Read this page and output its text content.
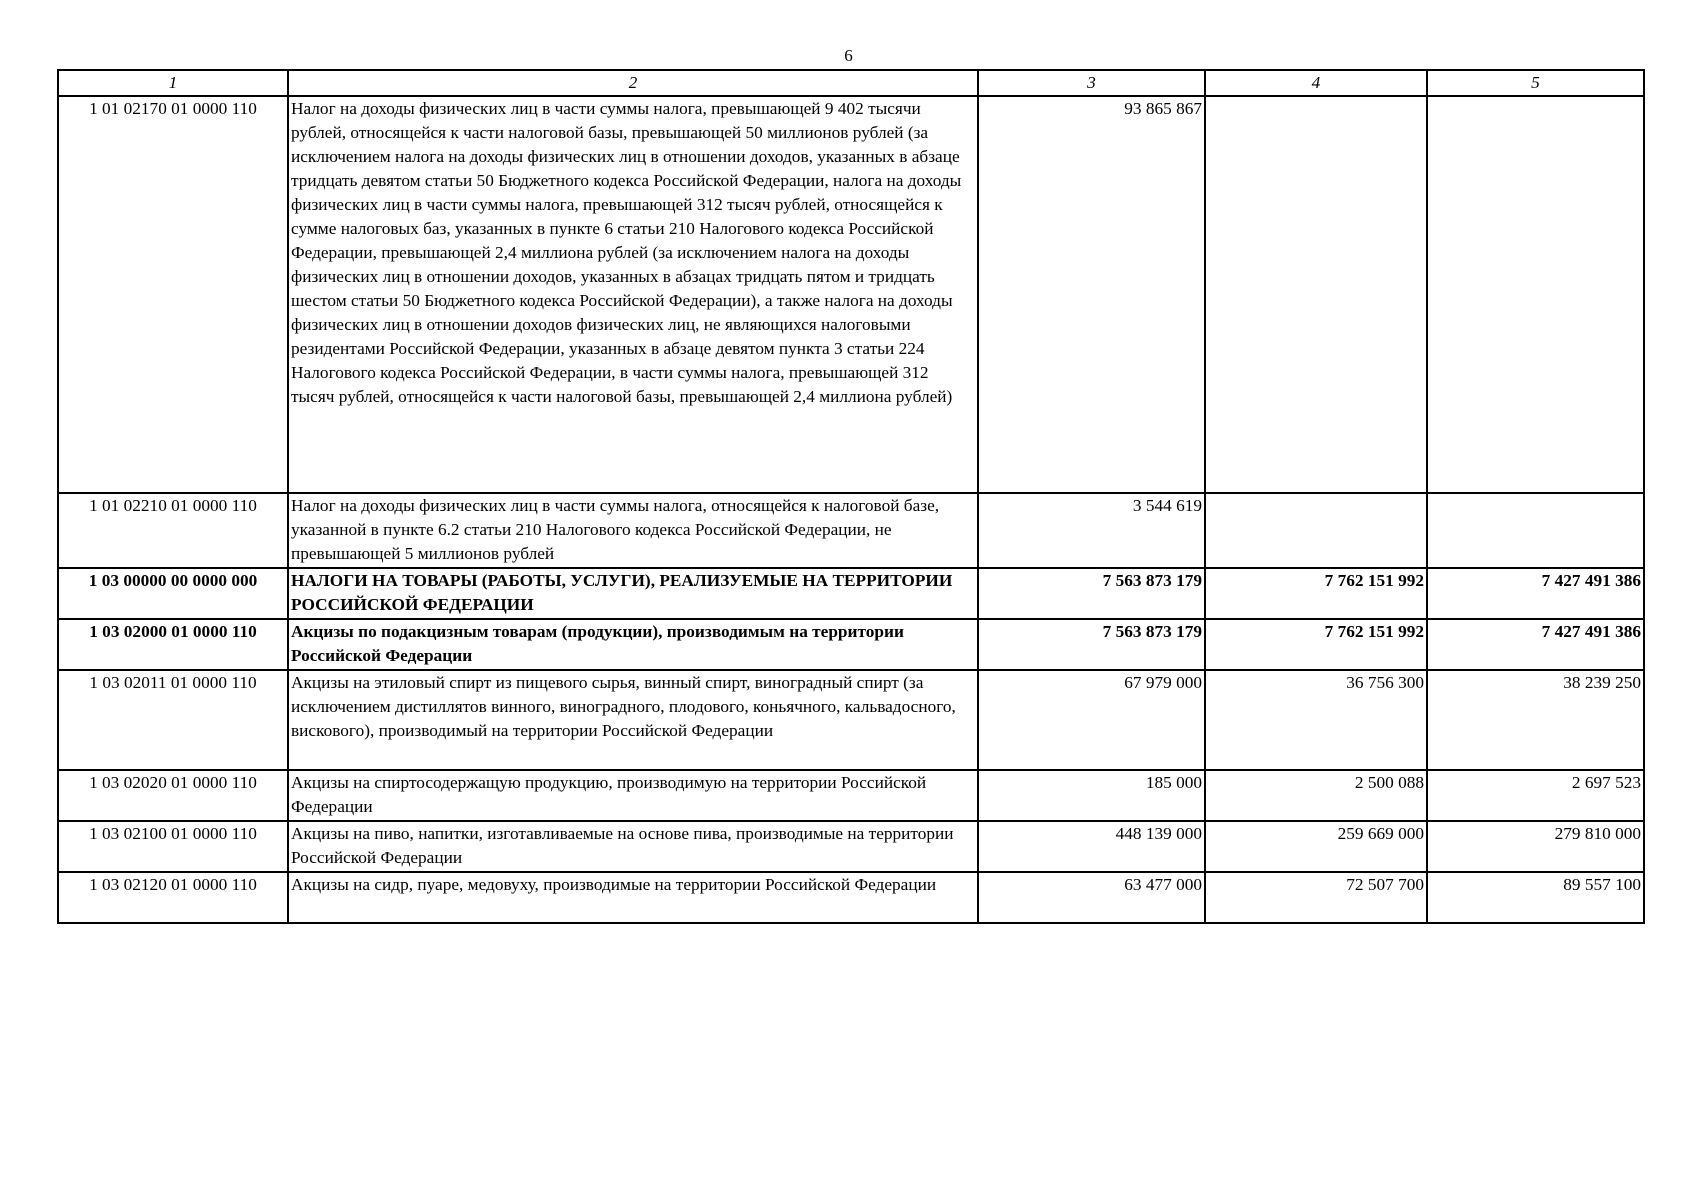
6
1	2	3	4	5
1 01 02170 01 0000 110	Налог на доходы физических лиц в части суммы налога, превышающей 9 402 тысячи рублей, относящейся к части налоговой базы, превышающей 50 миллионов рублей (за исключением налога на доходы физических лиц в отношении доходов, указанных в абзаце тридцать девятом статьи 50 Бюджетного кодекса Российской Федерации, налога на доходы физических лиц в части суммы налога, превышающей 312 тысяч рублей, относящейся к сумме налоговых баз, указанных в пункте 6 статьи 210 Налогового кодекса Российской Федерации, превышающей 2,4 миллиона рублей (за исключением налога на доходы физических лиц в отношении доходов, указанных в абзацах тридцать пятом и тридцать шестом статьи 50 Бюджетного кодекса Российской Федерации), а также налога на доходы физических лиц в отношении доходов физических лиц, не являющихся налоговыми резидентами Российской Федерации, указанных в абзаце девятом пункта 3 статьи 224 Налогового кодекса Российской Федерации, в части суммы налога, превышающей 312 тысяч рублей, относящейся к части налоговой базы, превышающей 2,4 миллиона рублей)	93 865 867		
1 01 02210 01 0000 110	Налог на доходы физических лиц в части суммы налога, относящейся к налоговой базе, указанной в пункте 6.2 статьи 210 Налогового кодекса Российской Федерации, не превышающей 5 миллионов рублей	3 544 619		
1 03 00000 00 0000 000	НАЛОГИ НА ТОВАРЫ (РАБОТЫ, УСЛУГИ), РЕАЛИЗУЕМЫЕ НА ТЕРРИТОРИИ РОССИЙСКОЙ ФЕДЕРАЦИИ	7 563 873 179	7 762 151 992	7 427 491 386
1 03 02000 01 0000 110	Акцизы по подакцизным товарам (продукции), производимым на территории Российской Федерации	7 563 873 179	7 762 151 992	7 427 491 386
1 03 02011 01 0000 110	Акцизы на этиловый спирт из пищевого сырья, винный спирт, виноградный спирт (за исключением дистиллятов винного, виноградного, плодового, коньячного, кальвадосного, вискового), производимый на территории Российской Федерации	67 979 000	36 756 300	38 239 250
1 03 02020 01 0000 110	Акцизы на спиртосодержащую продукцию, производимую на территории Российской Федерации	185 000	2 500 088	2 697 523
1 03 02100 01 0000 110	Акцизы на пиво, напитки, изготавливаемые на основе пива, производимые на территории Российской Федерации	448 139 000	259 669 000	279 810 000
1 03 02120 01 0000 110	Акцизы на сидр, пуаре, медовуху, производимые на территории Российской Федерации	63 477 000	72 507 700	89 557 100
